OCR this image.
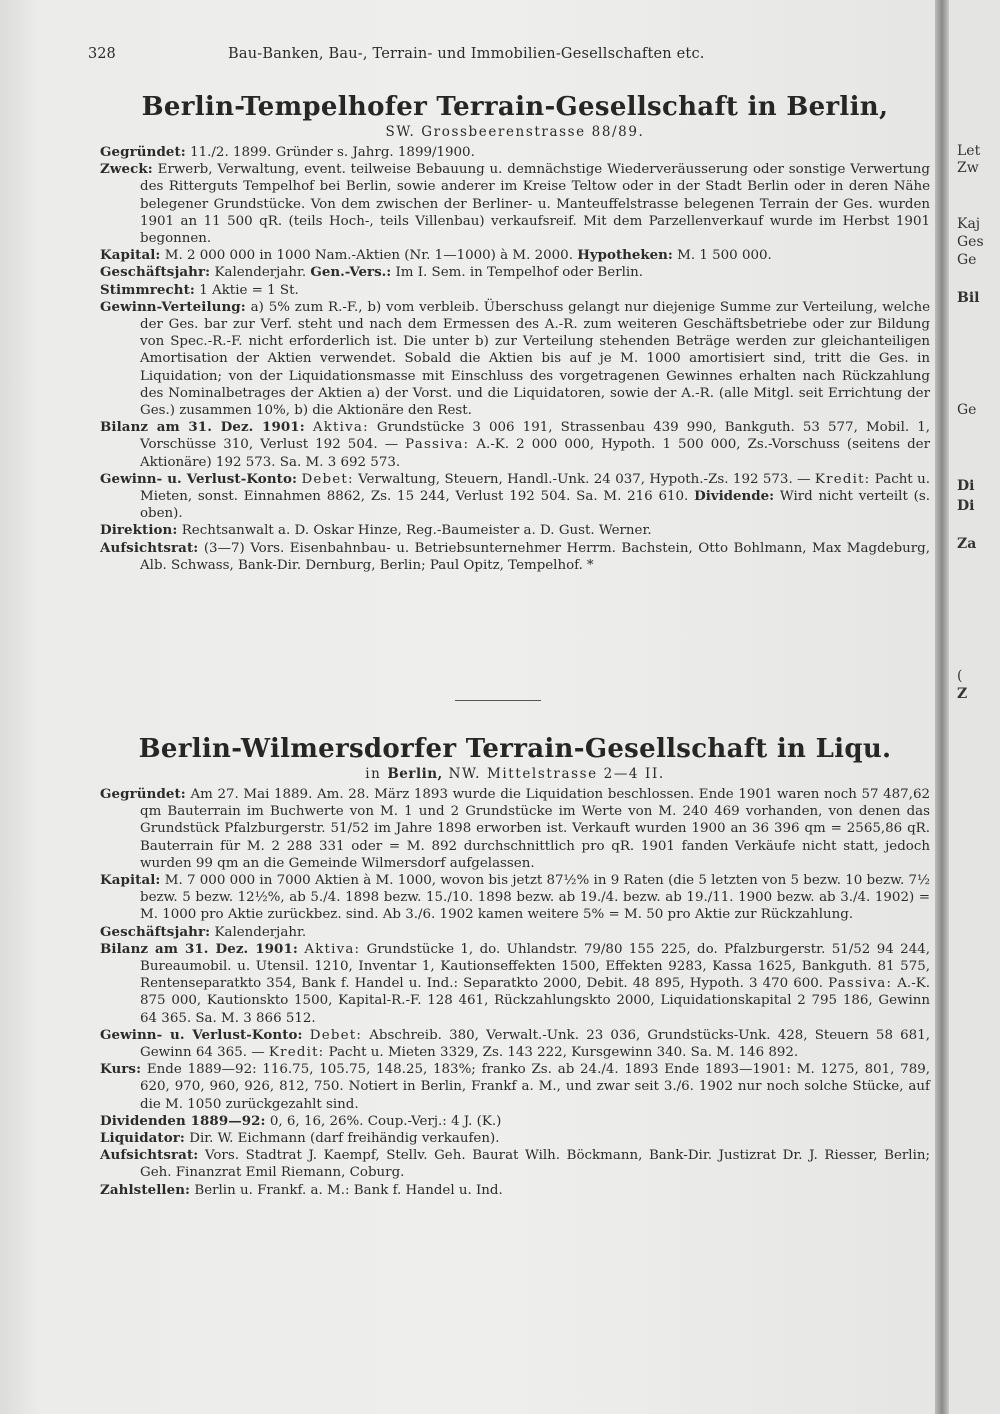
328	Bau-Banken, Bau-, Terrain- und Immobilien-Gesellschaften etc.
Berlin-Tempelhofer Terrain-Gesellschaft in Berlin,
SW. Grossbeerenstrasse 88/89.

Gegründet: 11./2. 1899. Gründer s. Jahrg. 1899/1900.

Zweck: Erwerb, Verwaltung, event. teilweise Bebauung u. demnächstige Wiederveräusserung oder sonstige Verwertung des Ritterguts Tempelhof bei Berlin, sowie anderer im Kreise Teltow oder in der Stadt Berlin oder in deren Nähe belegener Grundstücke. Von dem zwischen der Berliner- u. Manteuffelstrasse belegenen Terrain der Ges. wurden 1901 an 11 500 qR. (teils Hoch-, teils Villenbau) verkaufsreif. Mit dem Parzellenverkauf wurde im Herbst 1901 begonnen.

Kapital: M. 2 000 000 in 1000 Nam.-Aktien (Nr. 1—1000) à M. 2000. Hypotheken: M. 1 500 000.

Geschäftsjahr: Kalenderjahr. Gen.-Vers.: Im I. Sem. in Tempelhof oder Berlin.

Stimmrecht: 1 Aktie = 1 St.

Gewinn-Verteilung: a) 5% zum R.-F., b) vom verbleib. Überschuss gelangt nur diejenige Summe zur Verteilung, welche der Ges. bar zur Verf. steht und nach dem Ermessen des A.-R. zum weiteren Geschäftsbetriebe oder zur Bildung von Spec.-R.-F. nicht erforderlich ist. Die unter b) zur Verteilung stehenden Beträge werden zur gleichanteiligen Amortisation der Aktien verwendet. Sobald die Aktien bis auf je M. 1000 amortisiert sind, tritt die Ges. in Liquidation; von der Liquidationsmasse mit Einschluss des vorgetragenen Gewinnes erhalten nach Rückzahlung des Nominalbetrages der Aktien a) der Vorst. und die Liquidatoren, sowie der A.-R. (alle Mitgl. seit Errichtung der Ges.) zusammen 10%, b) die Aktionäre den Rest.

Bilanz am 31. Dez. 1901: Aktiva: Grundstücke 3 006 191, Strassenbau 439 990, Bankguth. 53 577, Mobil. 1, Vorschüsse 310, Verlust 192 504. — Passiva: A.-K. 2 000 000, Hypoth. 1 500 000, Zs.-Vorschuss (seitens der Aktionäre) 192 573. Sa. M. 3 692 573.

Gewinn- u. Verlust-Konto: Debet: Verwaltung, Steuern, Handl.-Unk. 24 037, Hypoth.-Zs. 192 573. — Kredit: Pacht u. Mieten, sonst. Einnahmen 8862, Zs. 15 244, Verlust 192 504. Sa. M. 216 610. Dividende: Wird nicht verteilt (s. oben).

Direktion: Rechtsanwalt a. D. Oskar Hinze, Reg.-Baumeister a. D. Gust. Werner.

Aufsichtsrat: (3—7) Vors. Eisenbahnbau- u. Betriebsunternehmer Herrm. Bachstein, Otto Bohlmann, Max Magdeburg, Alb. Schwass, Bank-Dir. Dernburg, Berlin; Paul Opitz, Tempelhof. *

Berlin-Wilmersdorfer Terrain-Gesellschaft in Liqu.
in Berlin, NW. Mittelstrasse 2—4 II.

Gegründet: Am 27. Mai 1889. Am. 28. März 1893 wurde die Liquidation beschlossen. Ende 1901 waren noch 57 487,62 qm Bauterrain im Buchwerte von M. 1 und 2 Grundstücke im Werte von M. 240 469 vorhanden, von denen das Grundstück Pfalzburgerstr. 51/52 im Jahre 1898 erworben ist. Verkauft wurden 1900 an 36 396 qm = 2565,86 qR. Bauterrain für M. 2 288 331 oder = M. 892 durchschnittlich pro qR. 1901 fanden Verkäufe nicht statt, jedoch wurden 99 qm an die Gemeinde Wilmersdorf aufgelassen.

Kapital: M. 7 000 000 in 7000 Aktien à M. 1000, wovon bis jetzt 87½% in 9 Raten (die 5 letzten von 5 bezw. 10 bezw. 7½ bezw. 5 bezw. 12½%, ab 5./4. 1898 bezw. 15./10. 1898 bezw. ab 19./4. bezw. ab 19./11. 1900 bezw. ab 3./4. 1902) = M. 1000 pro Aktie zurückbez. sind. Ab 3./6. 1902 kamen weitere 5% = M. 50 pro Aktie zur Rückzahlung.

Geschäftsjahr: Kalenderjahr.

Bilanz am 31. Dez. 1901: Aktiva: Grundstücke 1, do. Uhlandstr. 79/80 155 225, do. Pfalzburgerstr. 51/52 94 244, Bureaumobil. u. Utensil. 1210, Inventar 1, Kautionseffekten 1500, Effekten 9283, Kassa 1625, Bankguth. 81 575, Rentenseparatkto 354, Bank f. Handel u. Ind.: Separatkto 2000, Debit. 48 895, Hypoth. 3 470 600. Passiva: A.-K. 875 000, Kautionskto 1500, Kapital-R.-F. 128 461, Rückzahlungskto 2000, Liquidationskapital 2 795 186, Gewinn 64 365. Sa. M. 3 866 512.

Gewinn- u. Verlust-Konto: Debet: Abschreib. 380, Verwalt.-Unk. 23 036, Grundstücks-Unk. 428, Steuern 58 681, Gewinn 64 365. — Kredit: Pacht u. Mieten 3329, Zs. 143 222, Kursgewinn 340. Sa. M. 146 892.

Kurs: Ende 1889—92: 116.75, 105.75, 148.25, 183%; franko Zs. ab 24./4. 1893 Ende 1893—1901: M. 1275, 801, 789, 620, 970, 960, 926, 812, 750. Notiert in Berlin, Frankf a. M., und zwar seit 3./6. 1902 nur noch solche Stücke, auf die M. 1050 zurückgezahlt sind.

Dividenden 1889—92: 0, 6, 16, 26%. Coup.-Verj.: 4 J. (K.)

Liquidator: Dir. W. Eichmann (darf freihändig verkaufen).

Aufsichtsrat: Vors. Stadtrat J. Kaempf, Stellv. Geh. Baurat Wilh. Böckmann, Bank-Dir. Justizrat Dr. J. Riesser, Berlin; Geh. Finanzrat Emil Riemann, Coburg.

Zahlstellen: Berlin u. Frankf. a. M.: Bank f. Handel u. Ind.

Let
Zw
Kaj
Ges
Ge
Bil
Ge
Di
Di
Za
(
Z
